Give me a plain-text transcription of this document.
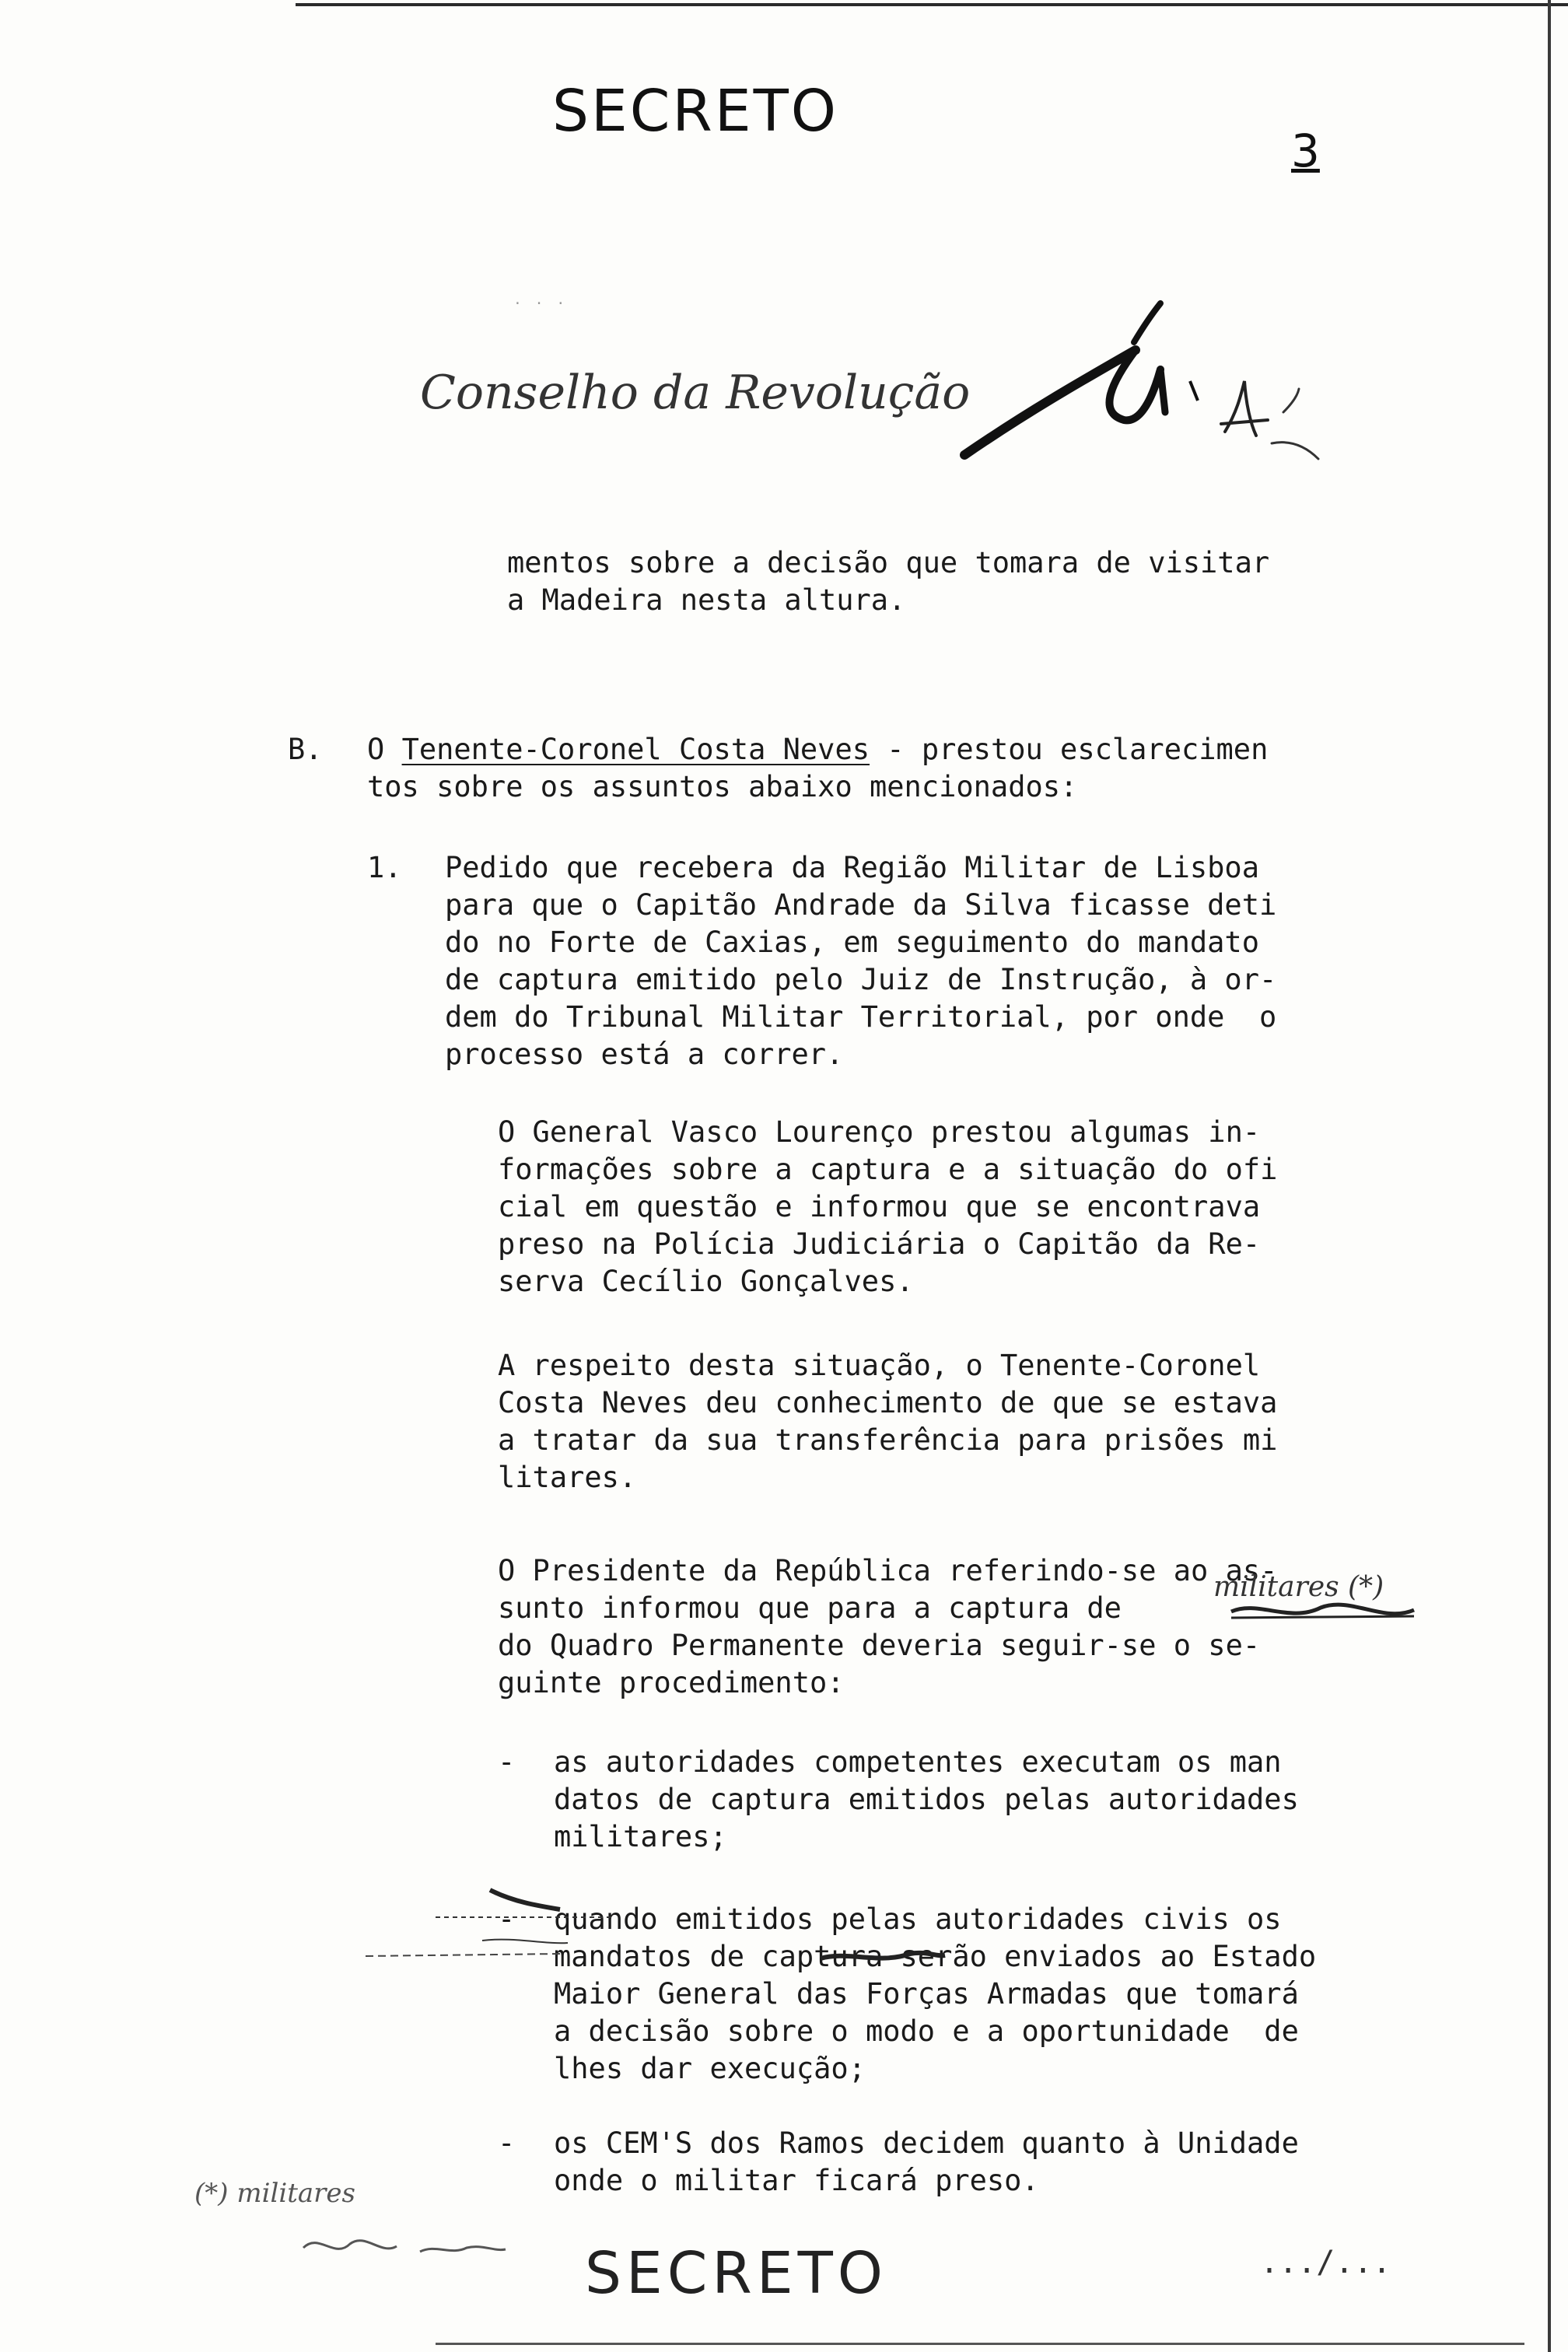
SECRETO
3
· · ·
Conselho da Revolução
mentos sobre a decisão que tomara de visitar
a Madeira nesta altura.
B. O Tenente-Coronel Costa Neves - prestou esclarecimen
tos sobre os assuntos abaixo mencionados:
1. Pedido que recebera da Região Militar de Lisboa
para que o Capitão Andrade da Silva ficasse deti
do no Forte de Caxias, em seguimento do mandato
de captura emitido pelo Juiz de Instrução, à or-
dem do Tribunal Militar Territorial, por onde  o
processo está a correr.
O General Vasco Lourenço prestou algumas in-
formações sobre a captura e a situação do ofi
cial em questão e informou que se encontrava
preso na Polícia Judiciária o Capitão da Re-
serva Cecílio Gonçalves.
A respeito desta situação, o Tenente-Coronel
Costa Neves deu conhecimento de que se estava
a tratar da sua transferência para prisões mi
litares.
O Presidente da República referindo-se ao as-
sunto informou que para a captura de
militares (*)
do Quadro Permanente deveria seguir-se o se-
guinte procedimento:
- as autoridades competentes executam os man
datos de captura emitidos pelas autoridades
militares;
- quando emitidos pelas autoridades civis os
mandatos de captura serão enviados ao Estado
Maior General das Forças Armadas que tomará
a decisão sobre o modo e a oportunidade  de
lhes dar execução;
- os CEM'S dos Ramos decidem quanto à Unidade
onde o militar ficará preso.
(*) militares
SECRETO	.../...
